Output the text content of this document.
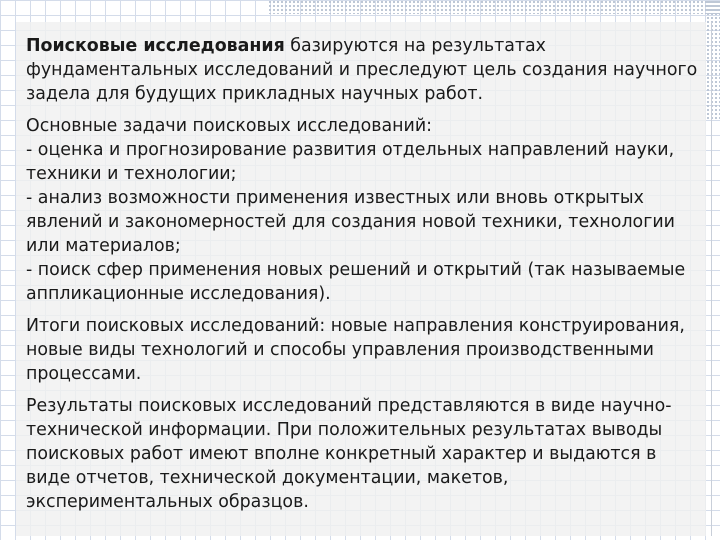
Поисковые исследования базируются на результатах фундаментальных исследований и преследуют цель создания научного задела для будущих прикладных научных работ.

Основные задачи поисковых исследований:
- оценка и прогнозирование развития отдельных направлений науки, техники и технологии;
- анализ возможности применения известных или вновь открытых явлений и закономерностей для создания новой техники, технологии или материалов;
- поиск сфер применения новых решений и открытий (так называемые аппликационные исследования).

Итоги поисковых исследований: новые направления конструирования, новые виды технологий и способы управления производственными процессами.

Результаты поисковых исследований представляются в виде научно-технической информации. При положительных результатах выводы поисковых работ имеют вполне конкретный характер и выдаются в виде отчетов, технической документации, макетов, экспериментальных образцов.
